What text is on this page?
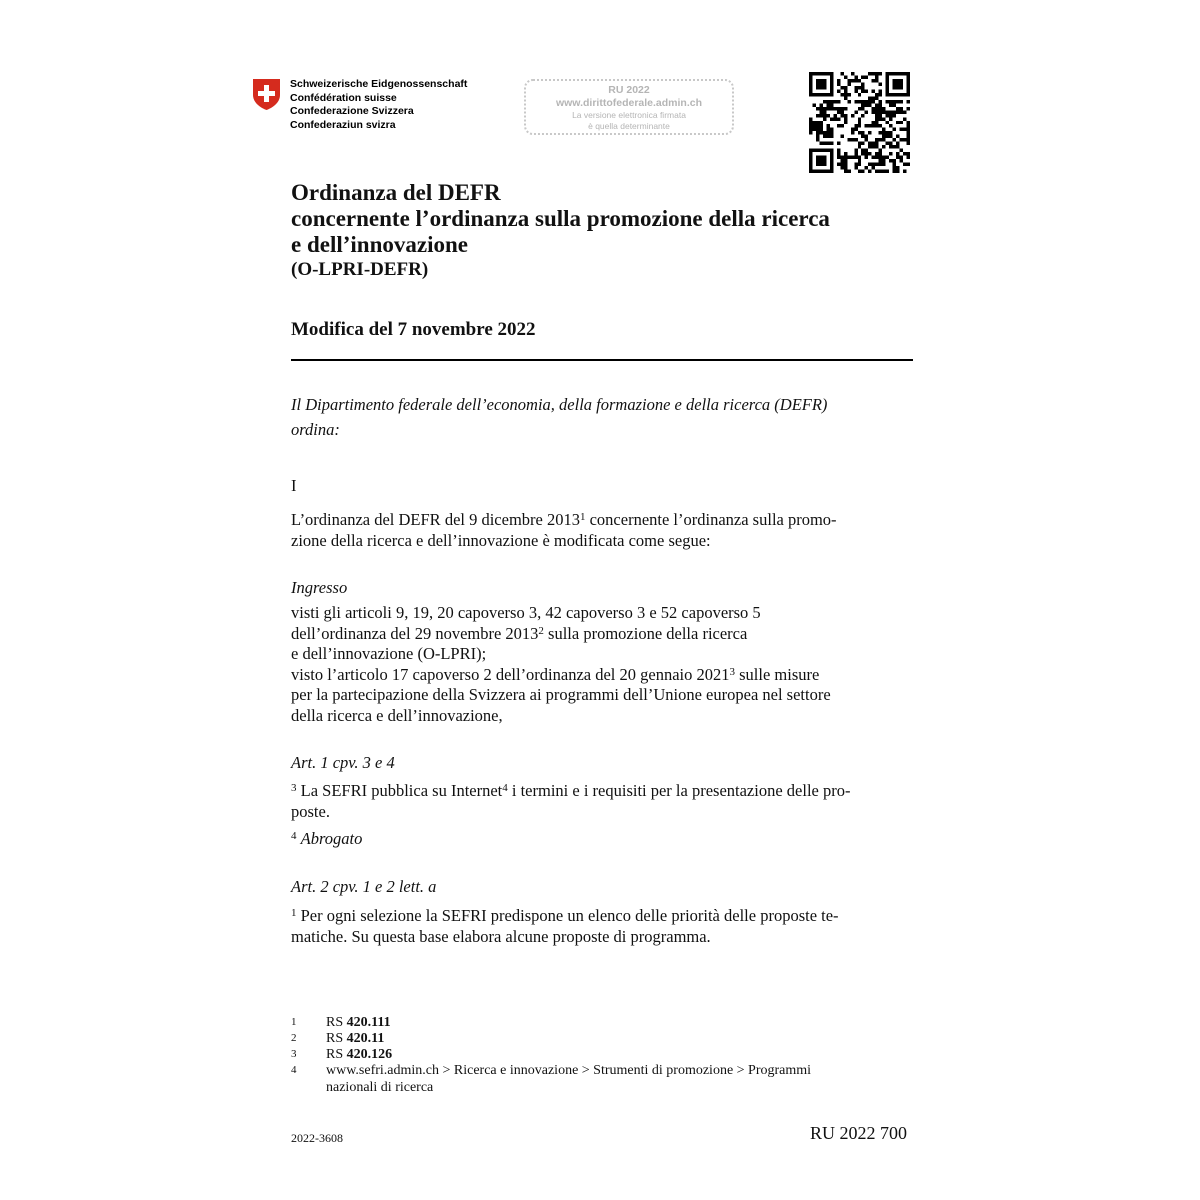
Schweizerische Eidgenossenschaft
Confédération suisse
Confederazione Svizzera
Confederaziun svizra
RU 2022
www.dirittofederale.admin.ch
La versione elettronica firmata
è quella determinante
Ordinanza del DEFR
concernente l’ordinanza sulla promozione della ricerca
e dell’innovazione
(O-LPRI-DEFR)
Modifica del 7 novembre 2022
Il Dipartimento federale dell’economia, della formazione e della ricerca (DEFR)
ordina:
I
L’ordinanza del DEFR del 9 dicembre 2013$^1$ concernente l’ordinanza sulla promo-
zione della ricerca e dell’innovazione è modificata come segue:
Ingresso
visti gli articoli 9, 19, 20 capoverso 3, 42 capoverso 3 e 52 capoverso 5
dell’ordinanza del 29 novembre 2013$^2$ sulla promozione della ricerca
e dell’innovazione (O-LPRI);
visto l’articolo 17 capoverso 2 dell’ordinanza del 20 gennaio 2021$^3$ sulle misure
per la partecipazione della Svizzera ai programmi dell’Unione europea nel settore
della ricerca e dell’innovazione,
Art. 1 cpv. 3 e 4
$^3$ La SEFRI pubblica su Internet$^4$ i termini e i requisiti per la presentazione delle pro-
poste.
$^4$ Abrogato
Art. 2 cpv. 1 e 2 lett. a
$^1$ Per ogni selezione la SEFRI predispone un elenco delle priorità delle proposte te-
matiche. Su questa base elabora alcune proposte di programma.
1 RS 420.111
2 RS 420.11
3 RS 420.126
4 www.sefri.admin.ch > Ricerca e innovazione > Strumenti di promozione > Programmi
nazionali di ricerca
2022-3608	RU 2022 700
